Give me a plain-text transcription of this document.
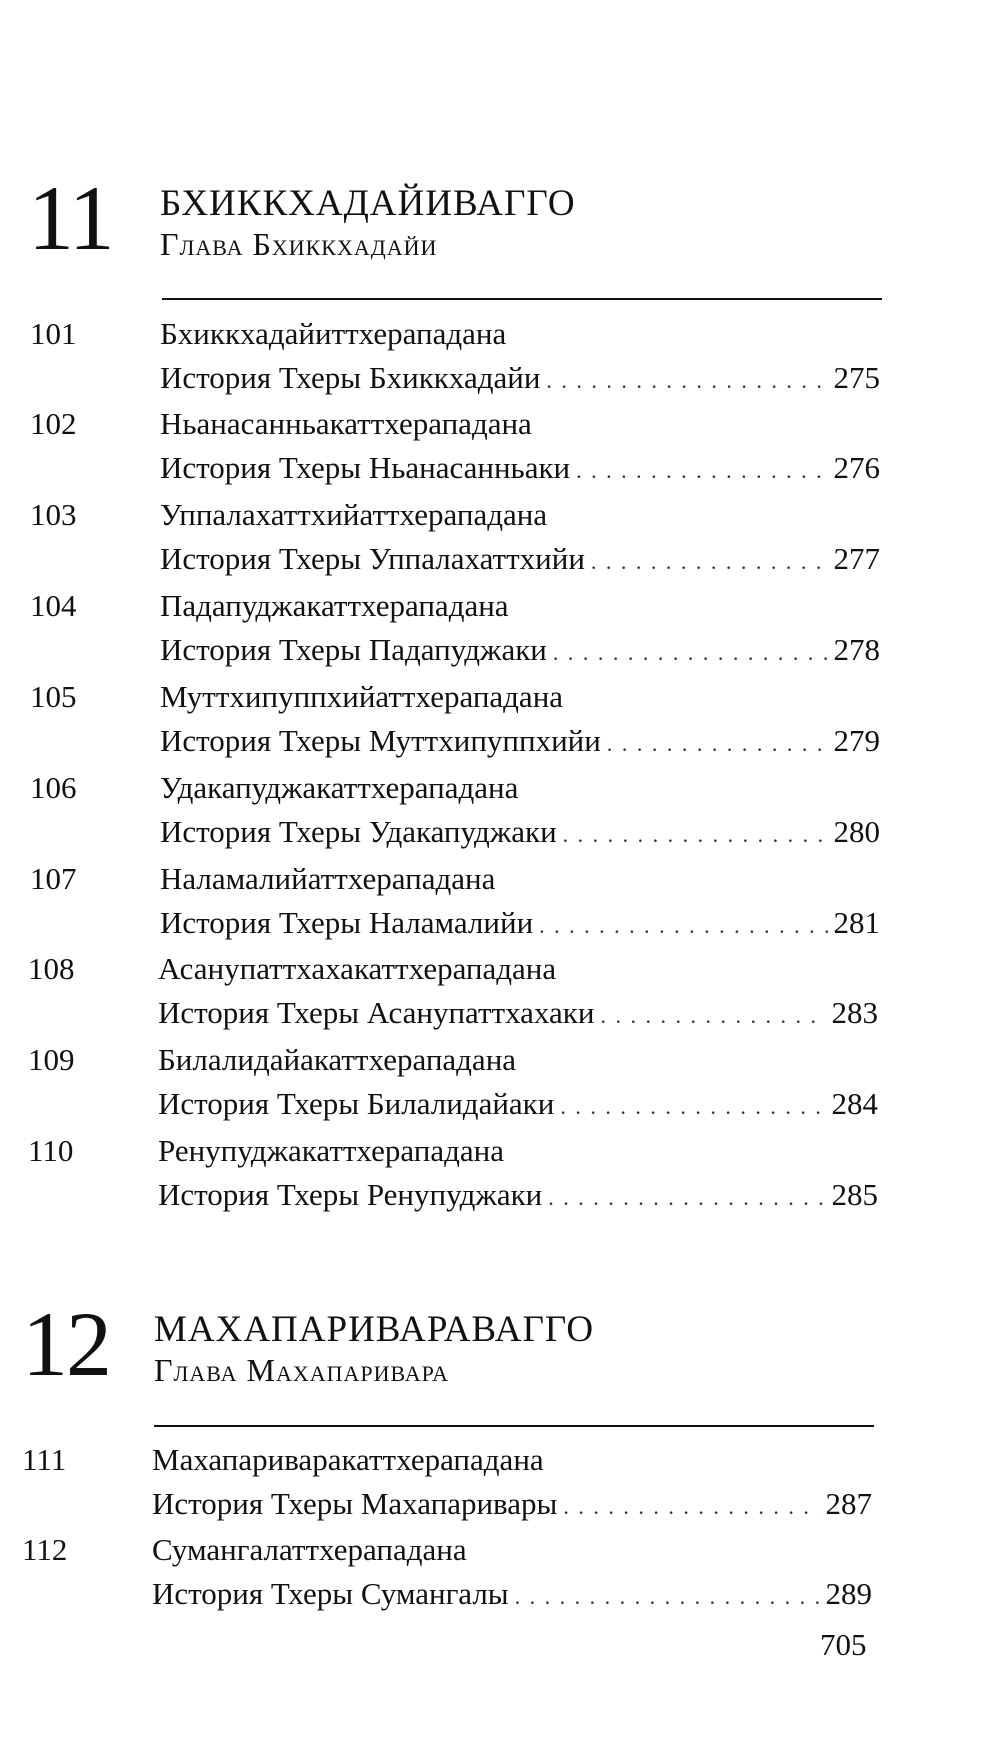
11 БХИККХАДАЙИВАГГО
Глава Бхиккхадайи
101	Бхиккхадайиттхерападана
История Тхеры Бхиккхадайи . . .	275
102	Ньанасанньакаттхерападана
История Тхеры Ньанасанньаки . . .	276
103	Уппалахаттхийаттхерападана
История Тхеры Уппалахаттхийи . . .	277
104	Падапуджакаттхерападана
История Тхеры Падапуджаки . . .	278
105	Муттхипуппхийаттхерападана
История Тхеры Муттхипуппхийи . . .	279
106	Удакапуджакаттхерападана
История Тхеры Удакапуджаки . . .	280
107	Наламалийаттхерападана
История Тхеры Наламалийи . . .	281
108	Асанупаттхахакаттхерападана
История Тхеры Асанупаттхахаки . . .	283
109	Билалидайакаттхерападана
История Тхеры Билалидайаки . . .	284
110	Ренупуджакаттхерападана
История Тхеры Ренупуджаки . . .	285
12 МАХАПАРИВАРАВАГГО
Глава Махапаривара
111	Махапариваракаттхерападана
История Тхеры Махапаривары . . .	287
112	Сумангалаттхерападана
История Тхеры Сумангалы . . .	289
705
